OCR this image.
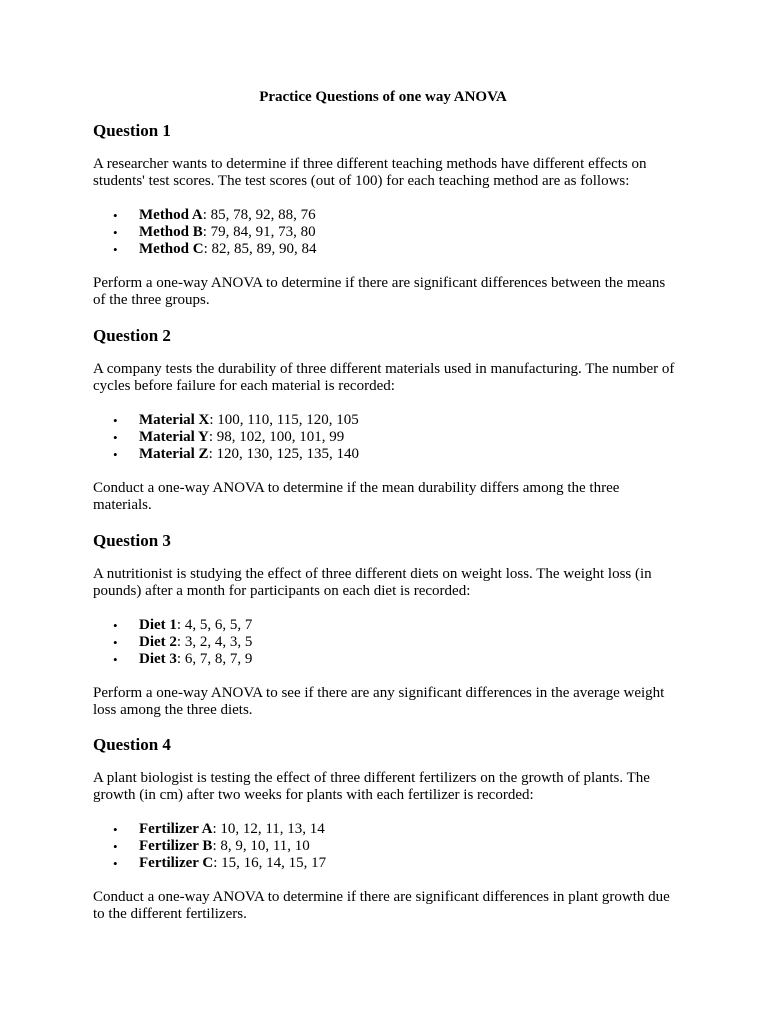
Practice Questions of one way ANOVA
Question 1

A researcher wants to determine if three different teaching methods have different effects on students' test scores. The test scores (out of 100) for each teaching method are as follows:

• Method A: 85, 78, 92, 88, 76
• Method B: 79, 84, 91, 73, 80
• Method C: 82, 85, 89, 90, 84

Perform a one-way ANOVA to determine if there are significant differences between the means of the three groups.

Question 2

A company tests the durability of three different materials used in manufacturing. The number of cycles before failure for each material is recorded:

• Material X: 100, 110, 115, 120, 105
• Material Y: 98, 102, 100, 101, 99
• Material Z: 120, 130, 125, 135, 140

Conduct a one-way ANOVA to determine if the mean durability differs among the three materials.

Question 3

A nutritionist is studying the effect of three different diets on weight loss. The weight loss (in pounds) after a month for participants on each diet is recorded:

• Diet 1: 4, 5, 6, 5, 7
• Diet 2: 3, 2, 4, 3, 5
• Diet 3: 6, 7, 8, 7, 9

Perform a one-way ANOVA to see if there are any significant differences in the average weight loss among the three diets.

Question 4

A plant biologist is testing the effect of three different fertilizers on the growth of plants. The growth (in cm) after two weeks for plants with each fertilizer is recorded:

• Fertilizer A: 10, 12, 11, 13, 14
• Fertilizer B: 8, 9, 10, 11, 10
• Fertilizer C: 15, 16, 14, 15, 17

Conduct a one-way ANOVA to determine if there are significant differences in plant growth due to the different fertilizers.
